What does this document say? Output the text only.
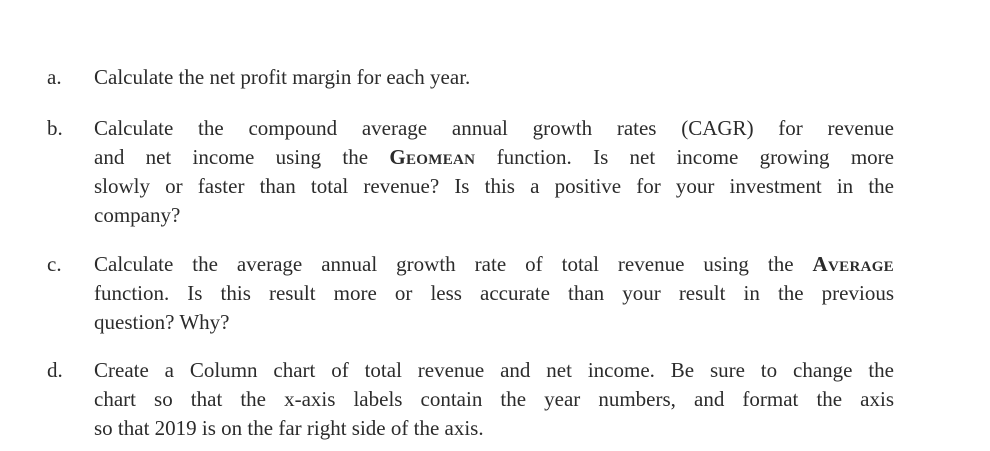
a. Calculate the net profit margin for each year.
b. Calculate the compound average annual growth rates (CAGR) for revenue
and net income using the Geomean function. Is net income growing more
slowly or faster than total revenue? Is this a positive for your investment in the
company?
c. Calculate the average annual growth rate of total revenue using the Average
function. Is this result more or less accurate than your result in the previous
question? Why?
d. Create a Column chart of total revenue and net income. Be sure to change the
chart so that the x-axis labels contain the year numbers, and format the axis
so that 2019 is on the far right side of the axis.
